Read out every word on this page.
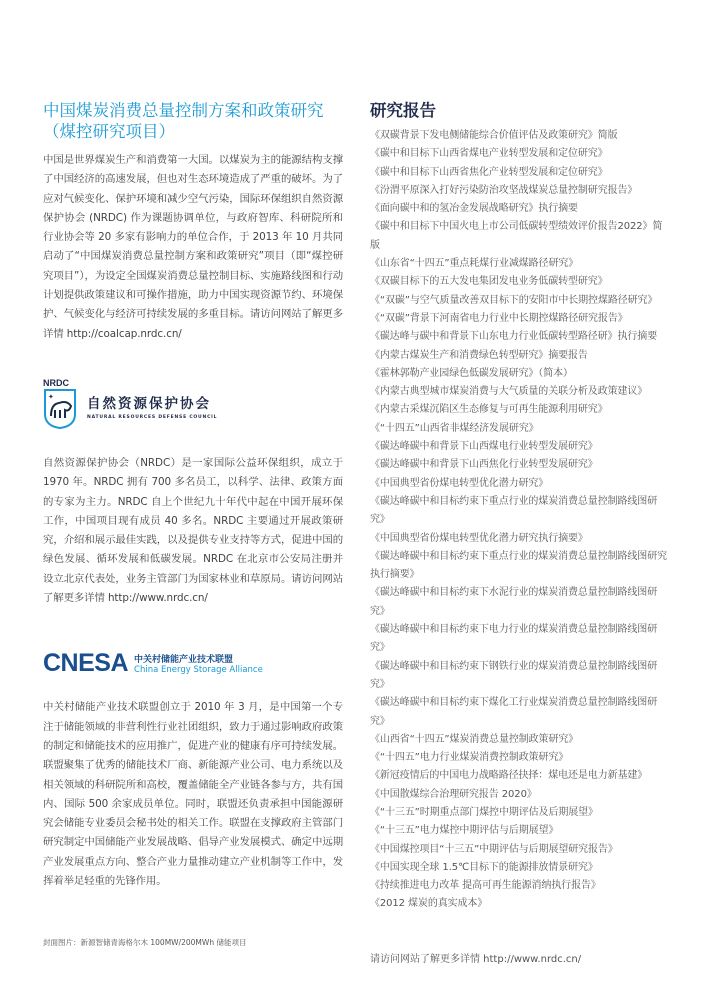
中国煤炭消费总量控制方案和政策研究（煤控研究项目）

中国是世界煤炭生产和消费第一大国。以煤炭为主的能源结构支撑了中国经济的高速发展，但也对生态环境造成了严重的破坏。为了应对气候变化、保护环境和减少空气污染，国际环保组织自然资源保护协会 (NRDC) 作为课题协调单位，与政府智库、科研院所和行业协会等 20 多家有影响力的单位合作，于 2013 年 10 月共同启动了“中国煤炭消费总量控制方案和政策研究”项目（即“煤控研究项目”），为设定全国煤炭消费总量控制目标、实施路线图和行动计划提供政策建议和可操作措施，助力中国实现资源节约、环境保护、气候变化与经济可持续发展的多重目标。请访问网站了解更多详情 http://coalcap.nrdc.cn/

NRDC
✦ 自然资源保护协会
NATURAL RESOURCES DEFENSE COUNCIL

自然资源保护协会（NRDC）是一家国际公益环保组织，成立于1970 年。NRDC 拥有 700 多名员工，以科学、法律、政策方面的专家为主力。NRDC 自上个世纪九十年代中起在中国开展环保工作，中国项目现有成员 40 多名。NRDC 主要通过开展政策研究，介绍和展示最佳实践，以及提供专业支持等方式，促进中国的绿色发展、循环发展和低碳发展。NRDC 在北京市公安局注册并设立北京代表处，业务主管部门为国家林业和草原局。请访问网站了解更多详情 http://www.nrdc.cn/

CNESA 中关村储能产业技术联盟
China Energy Storage Alliance

中关村储能产业技术联盟创立于 2010 年 3 月，是中国第一个专注于储能领域的非营利性行业社团组织，致力于通过影响政府政策的制定和储能技术的应用推广，促进产业的健康有序可持续发展。联盟聚集了优秀的储能技术厂商、新能源产业公司、电力系统以及相关领域的科研院所和高校，覆盖储能全产业链各参与方，共有国内、国际 500 余家成员单位。同时，联盟还负责承担中国能源研究会储能专业委员会秘书处的相关工作。联盟在支撑政府主管部门研究制定中国储能产业发展战略、倡导产业发展模式、确定中远期产业发展重点方向、整合产业力量推动建立产业机制等工作中，发挥着举足轻重的先锋作用。

研究报告
《双碳背景下发电侧储能综合价值评估及政策研究》简版
《碳中和目标下山西省煤电产业转型发展和定位研究》
《碳中和目标下山西省焦化产业转型发展和定位研究》
《汾渭平原深入打好污染防治攻坚战煤炭总量控制研究报告》
《面向碳中和的氢冶金发展战略研究》执行摘要
《碳中和目标下中国火电上市公司低碳转型绩效评价报告2022》简版
《山东省“十四五”重点耗煤行业减煤路径研究》
《双碳目标下的五大发电集团发电业务低碳转型研究》
《“双碳”与空气质量改善双目标下的安阳市中长期控煤路径研究》
《“双碳”背景下河南省电力行业中长期控煤路径研究报告》
《碳达峰与碳中和背景下山东电力行业低碳转型路径研》执行摘要
《内蒙古煤炭生产和消费绿色转型研究》摘要报告
《霍林郭勒产业园绿色低碳发展研究》（简本）
《内蒙古典型城市煤炭消费与大气质量的关联分析及政策建议》
《内蒙古采煤沉陷区生态修复与可再生能源利用研究》
《“十四五”山西省非煤经济发展研究》
《碳达峰碳中和背景下山西煤电行业转型发展研究》
《碳达峰碳中和背景下山西焦化行业转型发展研究》
《中国典型省份煤电转型优化潜力研究》
《碳达峰碳中和目标约束下重点行业的煤炭消费总量控制路线图研究》
《中国典型省份煤电转型优化潜力研究执行摘要》
《碳达峰碳中和目标约束下重点行业的煤炭消费总量控制路线图研究执行摘要》
《碳达峰碳中和目标约束下水泥行业的煤炭消费总量控制路线图研究》
《碳达峰碳中和目标约束下电力行业的煤炭消费总量控制路线图研究》
《碳达峰碳中和目标约束下钢铁行业的煤炭消费总量控制路线图研究》
《碳达峰碳中和目标约束下煤化工行业煤炭消费总量控制路线图研究》
《山西省“十四五”煤炭消费总量控制政策研究》
《“十四五”电力行业煤炭消费控制政策研究》
《新冠疫情后的中国电力战略路径抉择：煤电还是电力新基建》
《中国散煤综合治理研究报告 2020》
《“十三五”时期重点部门煤控中期评估及后期展望》
《“十三五”电力煤控中期评估与后期展望》
《中国煤控项目“十三五”中期评估与后期展望研究报告》
《中国实现全球 1.5℃目标下的能源排放情景研究》
《持续推进电力改革 提高可再生能源消纳执行报告》
《2012 煤炭的真实成本》
封面图片：新源智储青海格尔木 100MW/200MWh 储能项目
请访问网站了解更多详情 http://www.nrdc.cn/
